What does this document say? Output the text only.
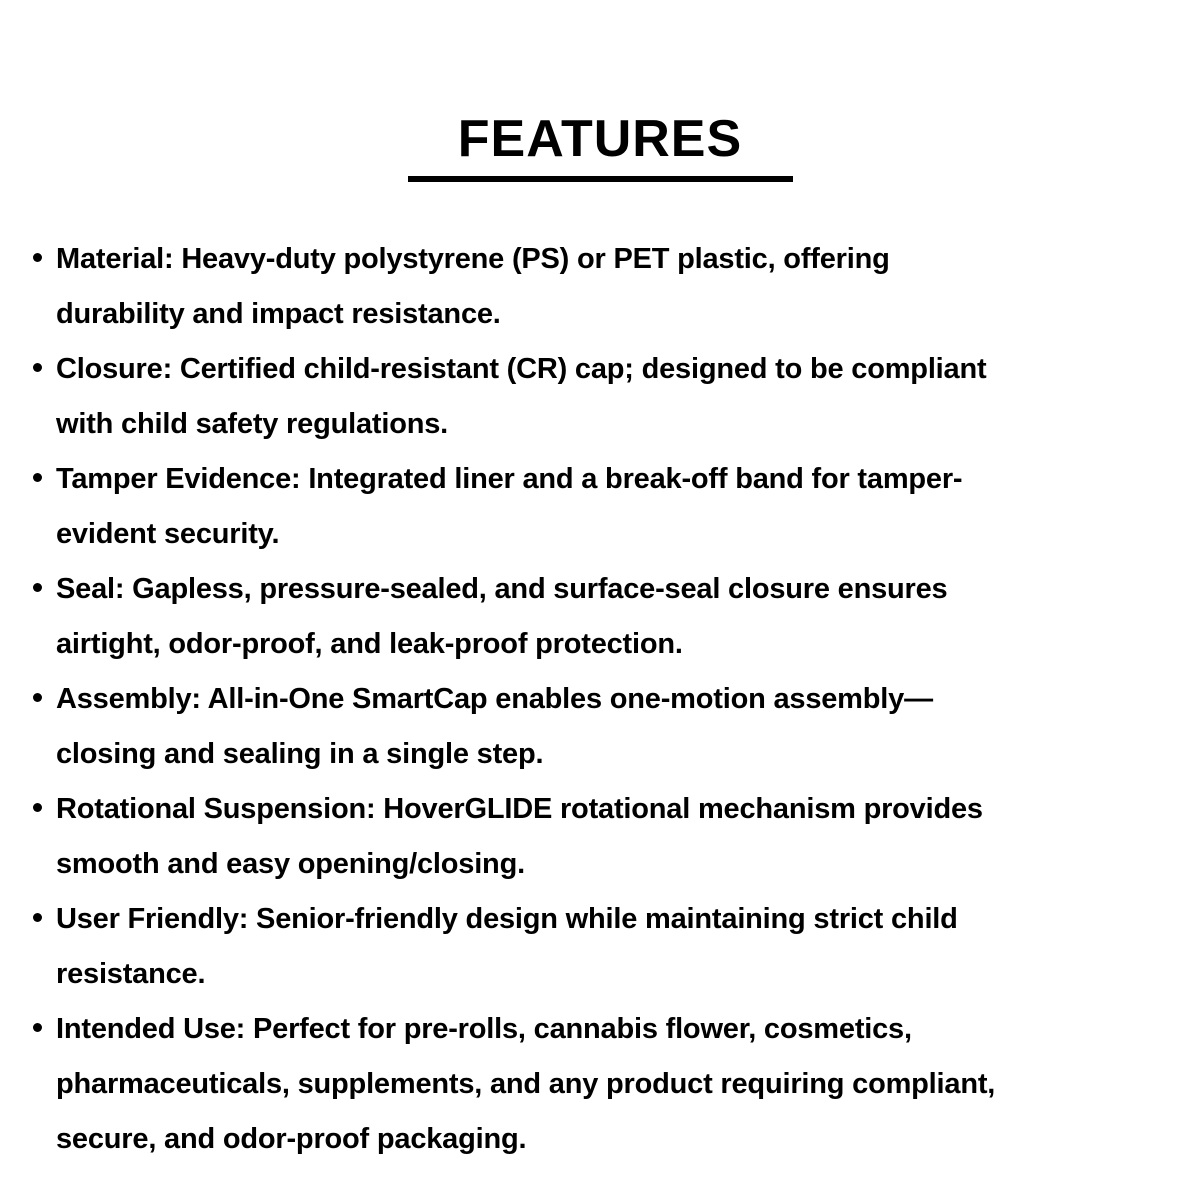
FEATURES
Material: Heavy-duty polystyrene (PS) or PET plastic, offering
durability and impact resistance.
Closure: Certified child-resistant (CR) cap; designed to be compliant
with child safety regulations.
Tamper Evidence: Integrated liner and a break-off band for tamper-
evident security.
Seal: Gapless, pressure-sealed, and surface-seal closure ensures
airtight, odor-proof, and leak-proof protection.
Assembly: All-in-One SmartCap enables one-motion assembly—
closing and sealing in a single step.
Rotational Suspension: HoverGLIDE rotational mechanism provides
smooth and easy opening/closing.
User Friendly: Senior-friendly design while maintaining strict child
resistance.
Intended Use: Perfect for pre-rolls, cannabis flower, cosmetics,
pharmaceuticals, supplements, and any product requiring compliant,
secure, and odor-proof packaging.
